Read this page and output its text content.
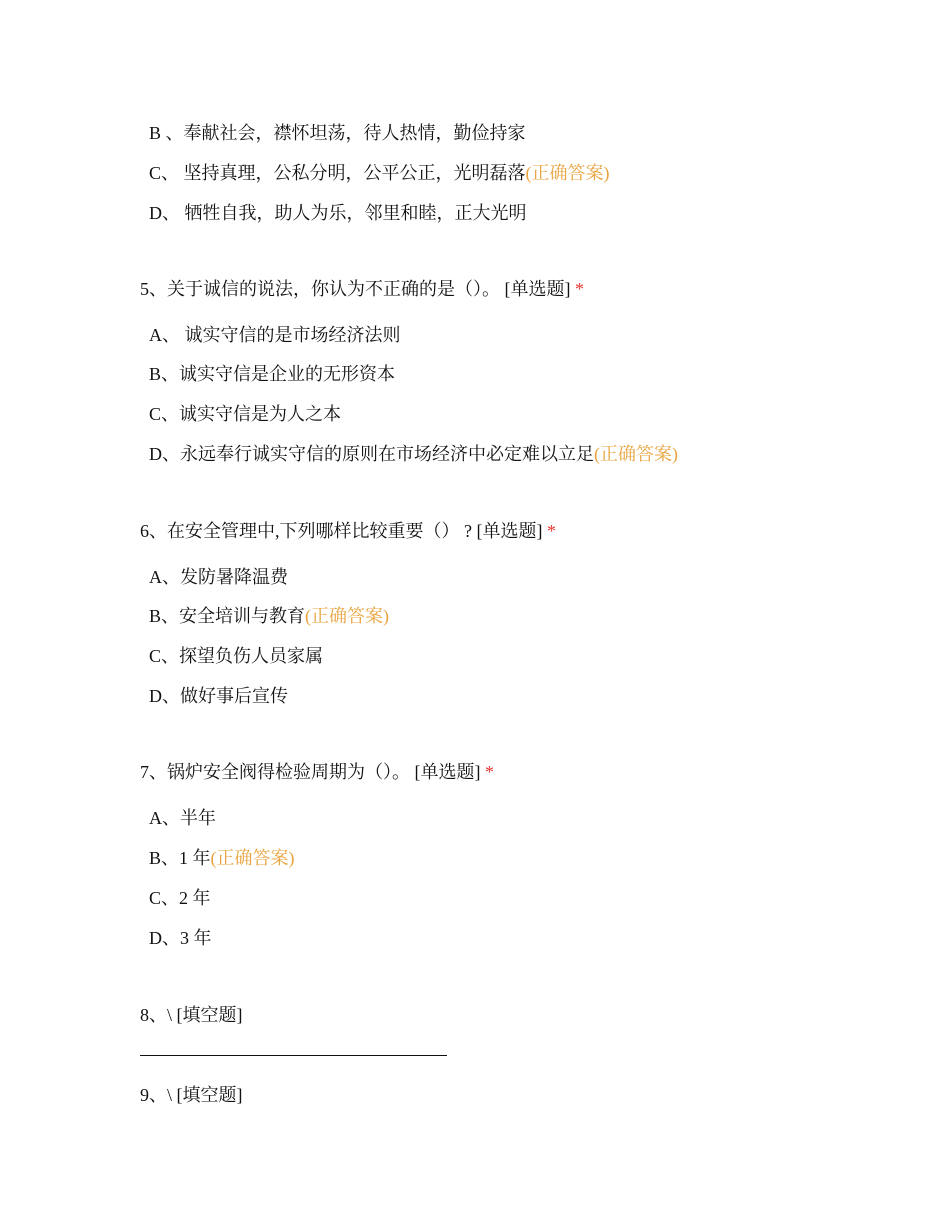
B 、奉献社会，襟怀坦荡，待人热情，勤俭持家
C、 坚持真理，公私分明，公平公正，光明磊落(正确答案)
D、 牺牲自我，助人为乐，邻里和睦，正大光明
5、关于诚信的说法，你认为不正确的是（）。 [单选题] *
A、 诚实守信的是市场经济法则
B、诚实守信是企业的无形资本
C、诚实守信是为人之本
D、永远奉行诚实守信的原则在市场经济中必定难以立足(正确答案)
6、在安全管理中,下列哪样比较重要（） ? [单选题] *
A、发防暑降温费
B、安全培训与教育(正确答案)
C、探望负伤人员家属
D、做好事后宣传
7、锅炉安全阀得检验周期为（）。 [单选题] *
A、半年
B、1 年(正确答案)
C、2 年
D、3 年
8、\ [填空题]
9、\ [填空题]
